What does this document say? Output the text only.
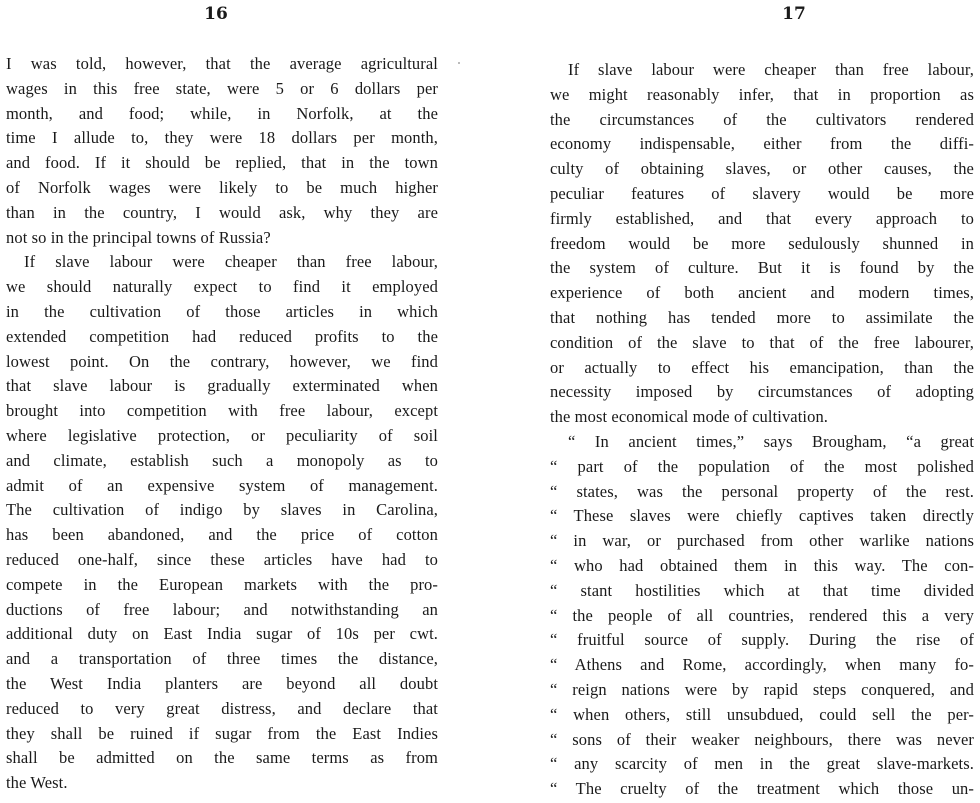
16
I was told, however, that the average agricultural
wages in this free state, were 5 or 6 dollars per
month, and food; while, in Norfolk, at the
time I allude to, they were 18 dollars per month,
and food. If it should be replied, that in the town
of Norfolk wages were likely to be much higher
than in the country, I would ask, why they are
not so in the principal towns of Russia?
If slave labour were cheaper than free labour,
we should naturally expect to find it employed
in the cultivation of those articles in which
extended competition had reduced profits to the
lowest point. On the contrary, however, we find
that slave labour is gradually exterminated when
brought into competition with free labour, except
where legislative protection, or peculiarity of soil
and climate, establish such a monopoly as to
admit of an expensive system of management.
The cultivation of indigo by slaves in Carolina,
has been abandoned, and the price of cotton
reduced one-half, since these articles have had to
compete in the European markets with the pro-
ductions of free labour; and notwithstanding an
additional duty on East India sugar of 10s per cwt.
and a transportation of three times the distance,
the West India planters are beyond all doubt
reduced to very great distress, and declare that
they shall be ruined if sugar from the East Indies
shall be admitted on the same terms as from
the West.
17
If slave labour were cheaper than free labour,
we might reasonably infer, that in proportion as
the circumstances of the cultivators rendered
economy indispensable, either from the diffi-
culty of obtaining slaves, or other causes, the
peculiar features of slavery would be more
firmly established, and that every approach to
freedom would be more sedulously shunned in
the system of culture. But it is found by the
experience of both ancient and modern times,
that nothing has tended more to assimilate the
condition of the slave to that of the free labourer,
or actually to effect his emancipation, than the
necessity imposed by circumstances of adopting
the most economical mode of cultivation.
“ In ancient times,” says Brougham, “a great
“ part of the population of the most polished
“ states, was the personal property of the rest.
“ These slaves were chiefly captives taken directly
“ in war, or purchased from other warlike nations
“ who had obtained them in this way. The con-
“ stant hostilities which at that time divided
“ the people of all countries, rendered this a very
“ fruitful source of supply. During the rise of
“ Athens and Rome, accordingly, when many fo-
“ reign nations were by rapid steps conquered, and
“ when others, still unsubdued, could sell the per-
“ sons of their weaker neighbours, there was never
“ any scarcity of men in the great slave-markets.
“ The cruelty of the treatment which those un-
